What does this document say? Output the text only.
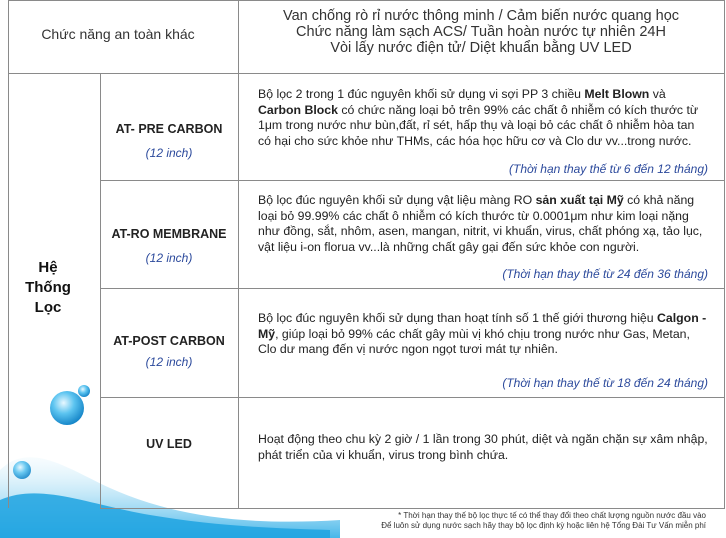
Chức năng an toàn khác
Van chống rò rỉ nước thông minh / Cảm biến nước quang học
Chức năng làm sạch ACS/ Tuần hoàn nước tự nhiên 24H
Vòi lấy nước điện tử/ Diệt khuẩn bằng UV LED
Hệ
Thống
Lọc
AT- PRE CARBON
(12 inch)
AT-RO MEMBRANE
(12 inch)
AT-POST CARBON
(12 inch)
UV LED
Bộ lọc 2 trong 1 đúc nguyên khối sử dụng vi sợi PP 3 chiều Melt Blown và Carbon Block có chức năng loại bỏ trên 99% các chất ô nhiễm có kích thước từ 1μm trong nước như bùn,đất, rỉ sét, hấp thụ và loại bỏ các chất ô nhiễm hòa tan có hại cho sức khỏe như THMs, các hóa học hữu cơ và Clo dư vv...trong nước.
(Thời hạn thay thế từ 6 đến 12 tháng)
Bộ lọc đúc nguyên khối sử dụng vật liệu màng RO sản xuất tại Mỹ có khả năng loại bỏ 99.99% các chất ô nhiễm có kích thước từ 0.0001μm như kim loại nặng như đồng, sắt, nhôm, asen, mangan, nitrit, vi khuẩn, virus, chất phóng xạ, tảo lục, vật liệu i-on florua vv...là những chất gây gại đến sức khỏe con người.
(Thời hạn thay thế từ 24 đến 36 tháng)
Bộ lọc đúc nguyên khối sử dụng than hoạt tính số 1 thế giới thương hiệu Calgon - Mỹ, giúp loại bỏ 99% các chất gây mùi vị khó chịu trong nước như Gas, Metan, Clo dư mang đến vị nước ngon ngọt tươi mát tự nhiên.
(Thời hạn thay thế từ 18 đến 24 tháng)
Hoạt động theo chu kỳ 2 giờ / 1 lần trong 30 phút, diệt và ngăn chặn sự xâm nhập, phát triển của vi khuẩn, virus trong bình chứa.
* Thời hạn thay thế bộ lọc thực tế có thể thay đổi theo chất lượng nguồn nước đầu vào
Để luôn sử dụng nước sạch hãy thay bộ lọc định kỳ hoặc liên hệ Tổng Đài Tư Vấn miễn phí
